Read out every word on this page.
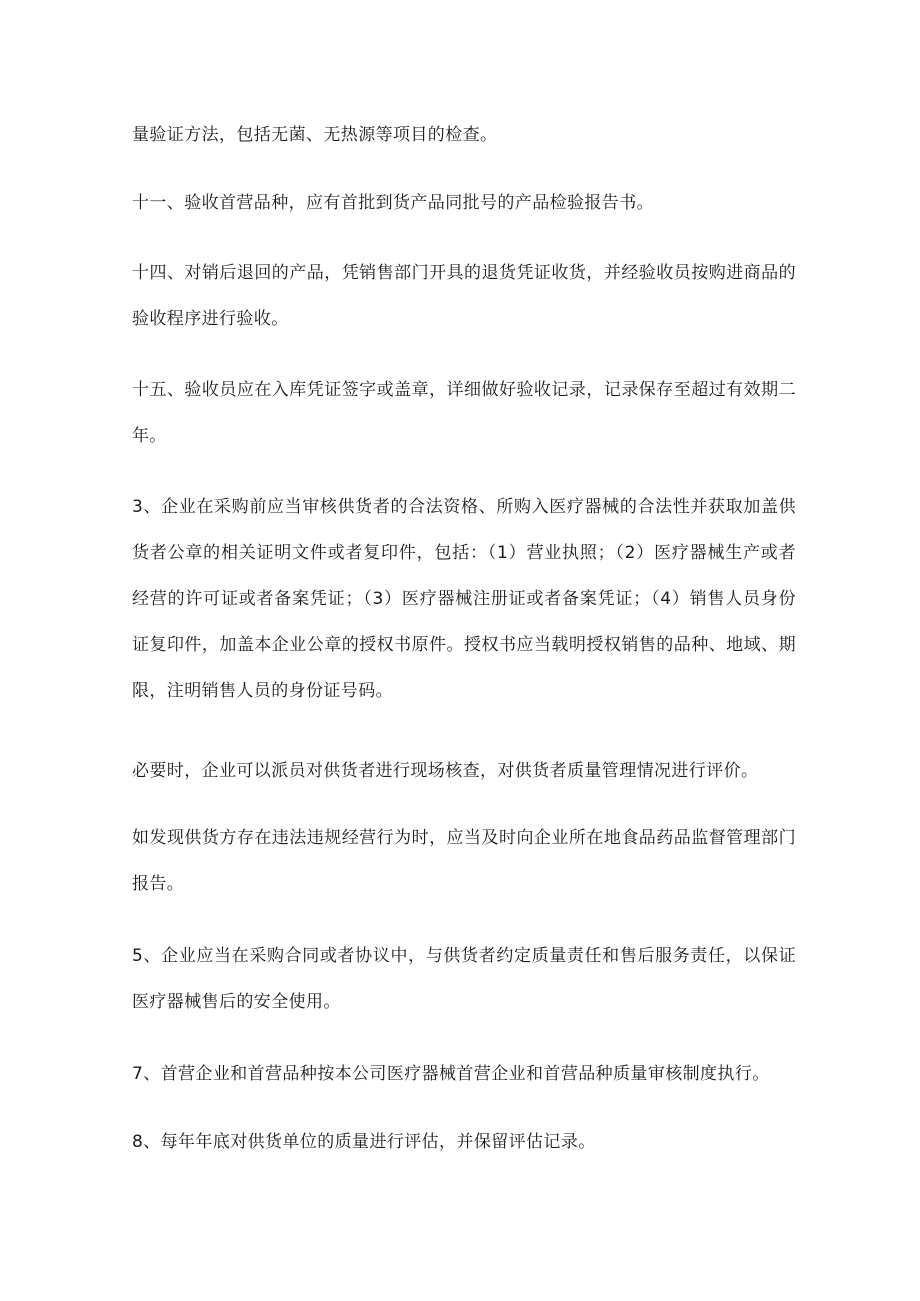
量验证方法，包括无菌、无热源等项目的检查。

十一、验收首营品种，应有首批到货产品同批号的产品检验报告书。

十四、对销后退回的产品，凭销售部门开具的退货凭证收货，并经验收员按购进商品的验收程序进行验收。

十五、验收员应在入库凭证签字或盖章，详细做好验收记录，记录保存至超过有效期二年。

3、企业在采购前应当审核供货者的合法资格、所购入医疗器械的合法性并获取加盖供货者公章的相关证明文件或者复印件，包括：（1）营业执照；（2）医疗器械生产或者经营的许可证或者备案凭证；（3）医疗器械注册证或者备案凭证；（4）销售人员身份证复印件，加盖本企业公章的授权书原件。授权书应当载明授权销售的品种、地域、期限，注明销售人员的身份证号码。

必要时，企业可以派员对供货者进行现场核查，对供货者质量管理情况进行评价。

如发现供货方存在违法违规经营行为时，应当及时向企业所在地食品药品监督管理部门报告。

5、企业应当在采购合同或者协议中，与供货者约定质量责任和售后服务责任，以保证医疗器械售后的安全使用。

7、首营企业和首营品种按本公司医疗器械首营企业和首营品种质量审核制度执行。

8、每年年底对供货单位的质量进行评估，并保留评估记录。
